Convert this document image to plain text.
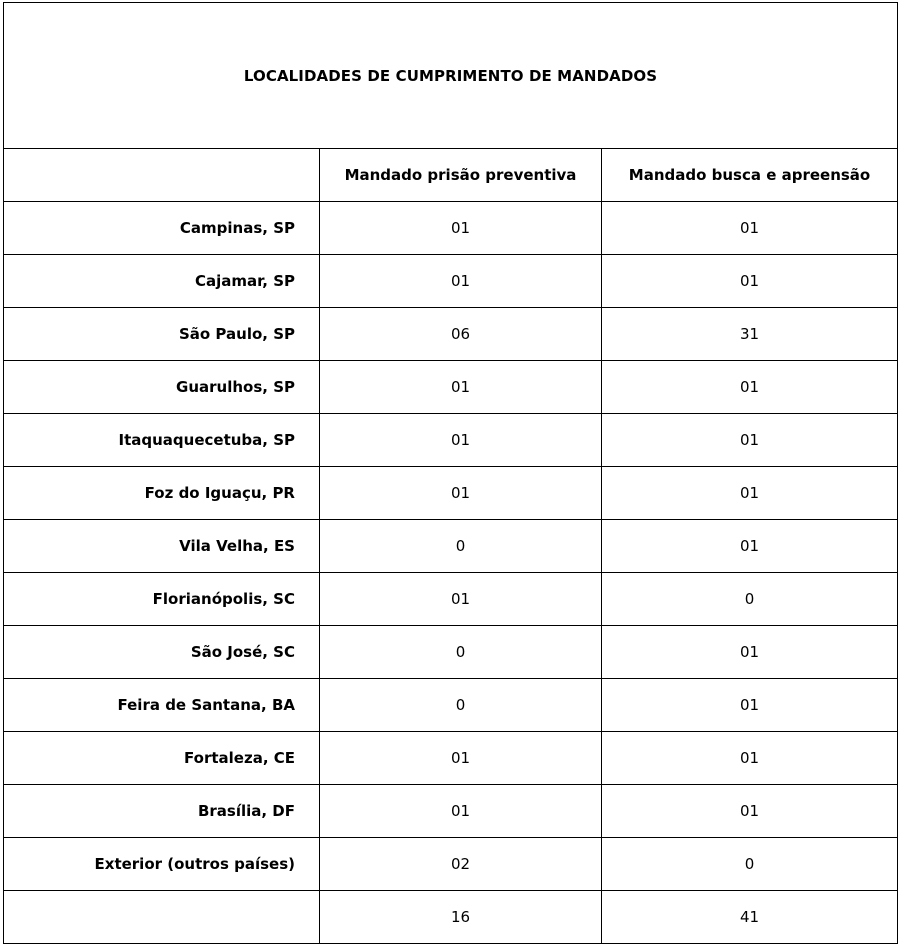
LOCALIDADES DE CUMPRIMENTO DE MANDADOS		
	Mandado prisão preventiva	Mandado busca e apreensão
Campinas, SP	01	01
Cajamar, SP	01	01
São Paulo, SP	06	31
Guarulhos, SP	01	01
Itaquaquecetuba, SP	01	01
Foz do Iguaçu, PR	01	01
Vila Velha, ES	0	01
Florianópolis, SC	01	0
São José, SC	0	01
Feira de Santana, BA	0	01
Fortaleza, CE	01	01
Brasília, DF	01	01
Exterior (outros países)	02	0
	16	41
